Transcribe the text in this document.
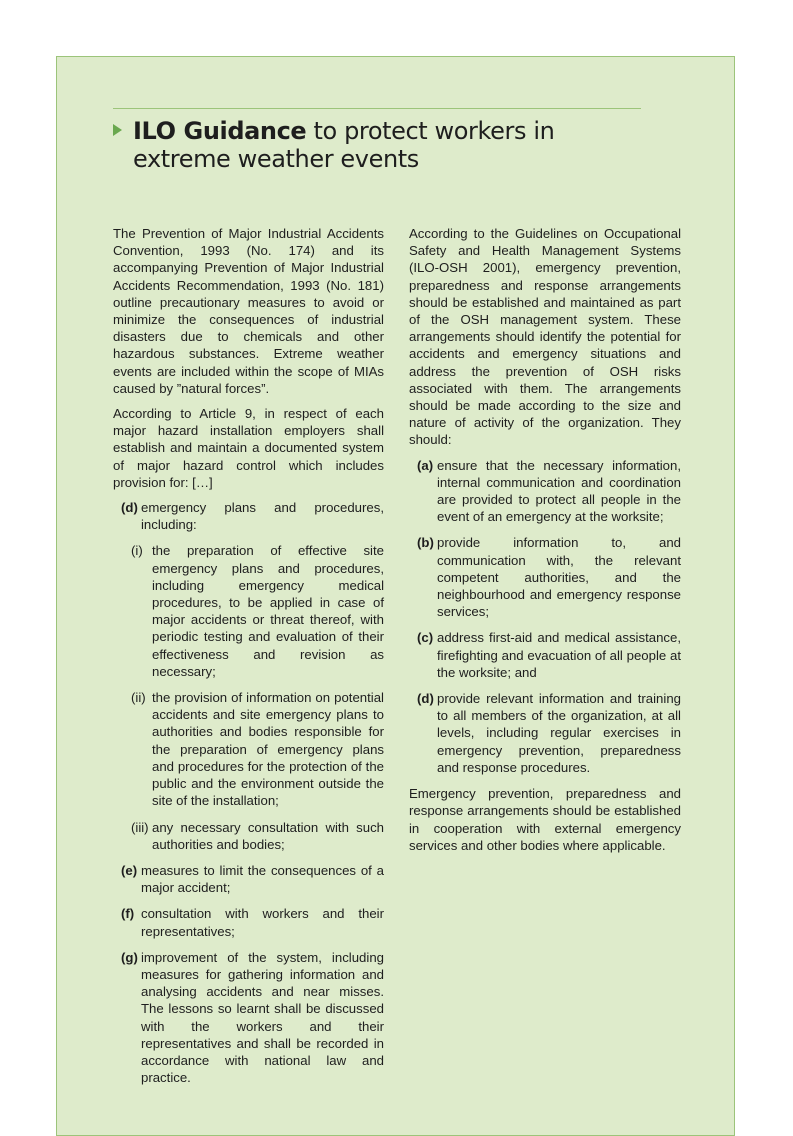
ILO Guidance to protect workers in
extreme weather events

The Prevention of Major Industrial Accidents Convention, 1993 (No. 174) and its accompanying Prevention of Major Industrial Accidents Recommendation, 1993 (No. 181) outline precautionary measures to avoid or minimize the consequences of industrial disasters due to chemicals and other hazardous substances. Extreme weather events are included within the scope of MIAs caused by ”natural forces”.

According to Article 9, in respect of each major hazard installation employers shall establish and maintain a documented system of major hazard control which includes provision for: […]

(d) emergency plans and procedures, including:
(i) the preparation of effective site emergency plans and procedures, including emergency medical procedures, to be applied in case of major accidents or threat thereof, with periodic testing and evaluation of their effectiveness and revision as necessary;
(ii) the provision of information on potential accidents and site emergency plans to authorities and bodies responsible for the preparation of emergency plans and procedures for the protection of the public and the environment outside the site of the installation;
(iii) any necessary consultation with such authorities and bodies;
(e) measures to limit the consequences of a major accident;
(f) consultation with workers and their representatives;
(g) improvement of the system, including measures for gathering information and analysing accidents and near misses. The lessons so learnt shall be discussed with the workers and their representatives and shall be recorded in accordance with national law and practice.

According to the Guidelines on Occupational Safety and Health Management Systems (ILO-OSH 2001), emergency prevention, preparedness and response arrangements should be established and maintained as part of the OSH management system. These arrangements should identify the potential for accidents and emergency situations and address the prevention of OSH risks associated with them. The arrangements should be made according to the size and nature of activity of the organization. They should:

(a) ensure that the necessary information, internal communication and coordination are provided to protect all people in the event of an emergency at the worksite;
(b) provide information to, and communication with, the relevant competent authorities, and the neighbourhood and emergency response services;
(c) address first-aid and medical assistance, firefighting and evacuation of all people at the worksite; and
(d) provide relevant information and training to all members of the organization, at all levels, including regular exercises in emergency prevention, preparedness and response procedures.

Emergency prevention, preparedness and response arrangements should be established in cooperation with external emergency services and other bodies where applicable.
